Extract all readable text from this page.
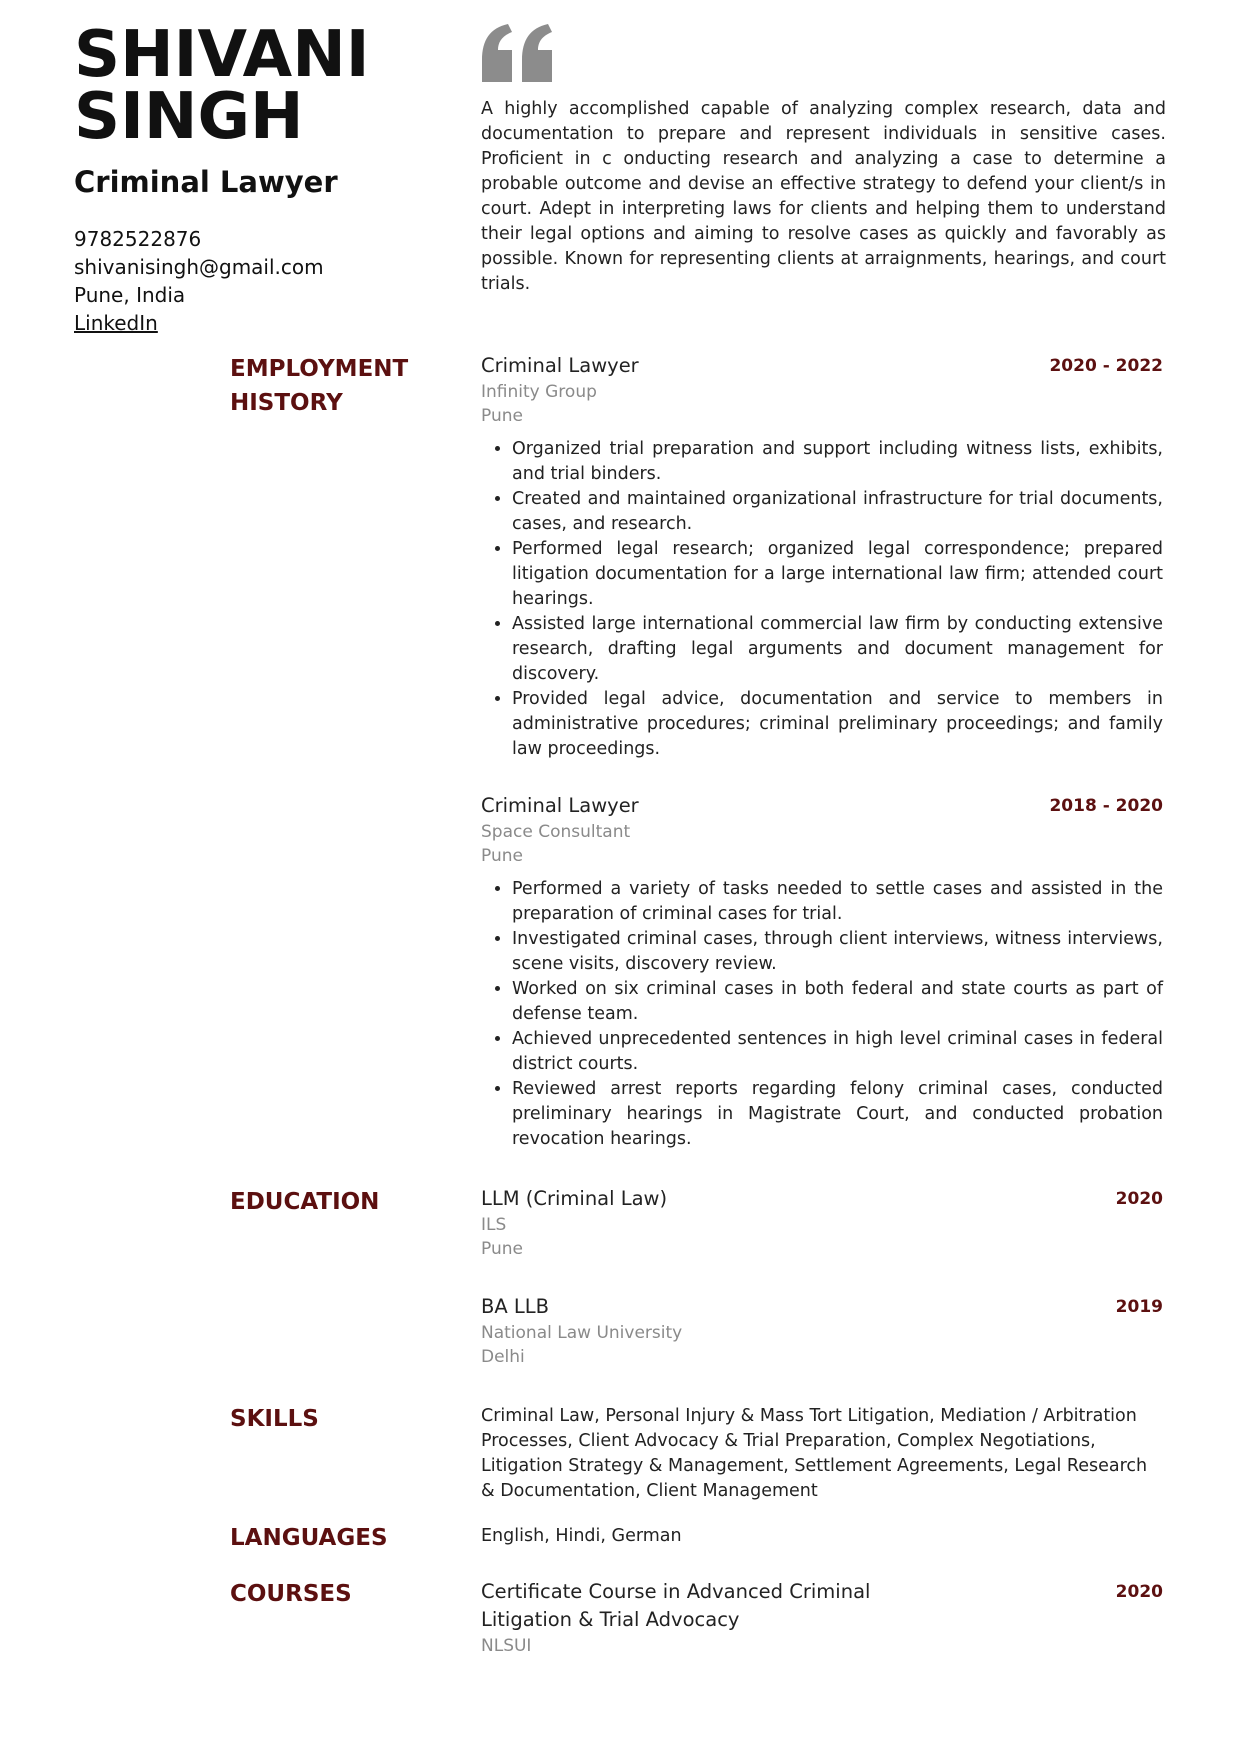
SHIVANI
SINGH
Criminal Lawyer
9782522876
shivanisingh@gmail.com
Pune, India
LinkedIn

A highly accomplished capable of analyzing complex research, data and documentation to prepare and represent individuals in sensitive cases. Proficient in c onducting research and analyzing a case to determine a probable outcome and devise an effective strategy to defend your client/s in court. Adept in interpreting laws for clients and helping them to understand their legal options and aiming to resolve cases as quickly and favorably as possible. Known for representing clients at arraignments, hearings, and court trials.

EMPLOYMENT HISTORY
Criminal Lawyer
Infinity Group
Pune
2020 - 2022
• Organized trial preparation and support including witness lists, exhibits, and trial binders.
• Created and maintained organizational infrastructure for trial documents, cases, and research.
• Performed legal research; organized legal correspondence; prepared litigation documentation for a large international law firm; attended court hearings.
• Assisted large international commercial law firm by conducting extensive research, drafting legal arguments and document management for discovery.
• Provided legal advice, documentation and service to members in administrative procedures; criminal preliminary proceedings; and family law proceedings.
Criminal Lawyer
Space Consultant
Pune
2018 - 2020
• Performed a variety of tasks needed to settle cases and assisted in the preparation of criminal cases for trial.
• Investigated criminal cases, through client interviews, witness interviews, scene visits, discovery review.
• Worked on six criminal cases in both federal and state courts as part of defense team.
• Achieved unprecedented sentences in high level criminal cases in federal district courts.
• Reviewed arrest reports regarding felony criminal cases, conducted preliminary hearings in Magistrate Court, and conducted probation revocation hearings.
EDUCATION	LLM (Criminal Law)
ILS
Pune
2020
BA LLB
National Law University
Delhi
2019
SKILLS	Criminal Law, Personal Injury & Mass Tort Litigation, Mediation / Arbitration Processes, Client Advocacy & Trial Preparation, Complex Negotiations, Litigation Strategy & Management, Settlement Agreements, Legal Research & Documentation, Client Management
LANGUAGES	English, Hindi, German
COURSES	Certificate Course in Advanced Criminal Litigation & Trial Advocacy
NLSUI
2020
